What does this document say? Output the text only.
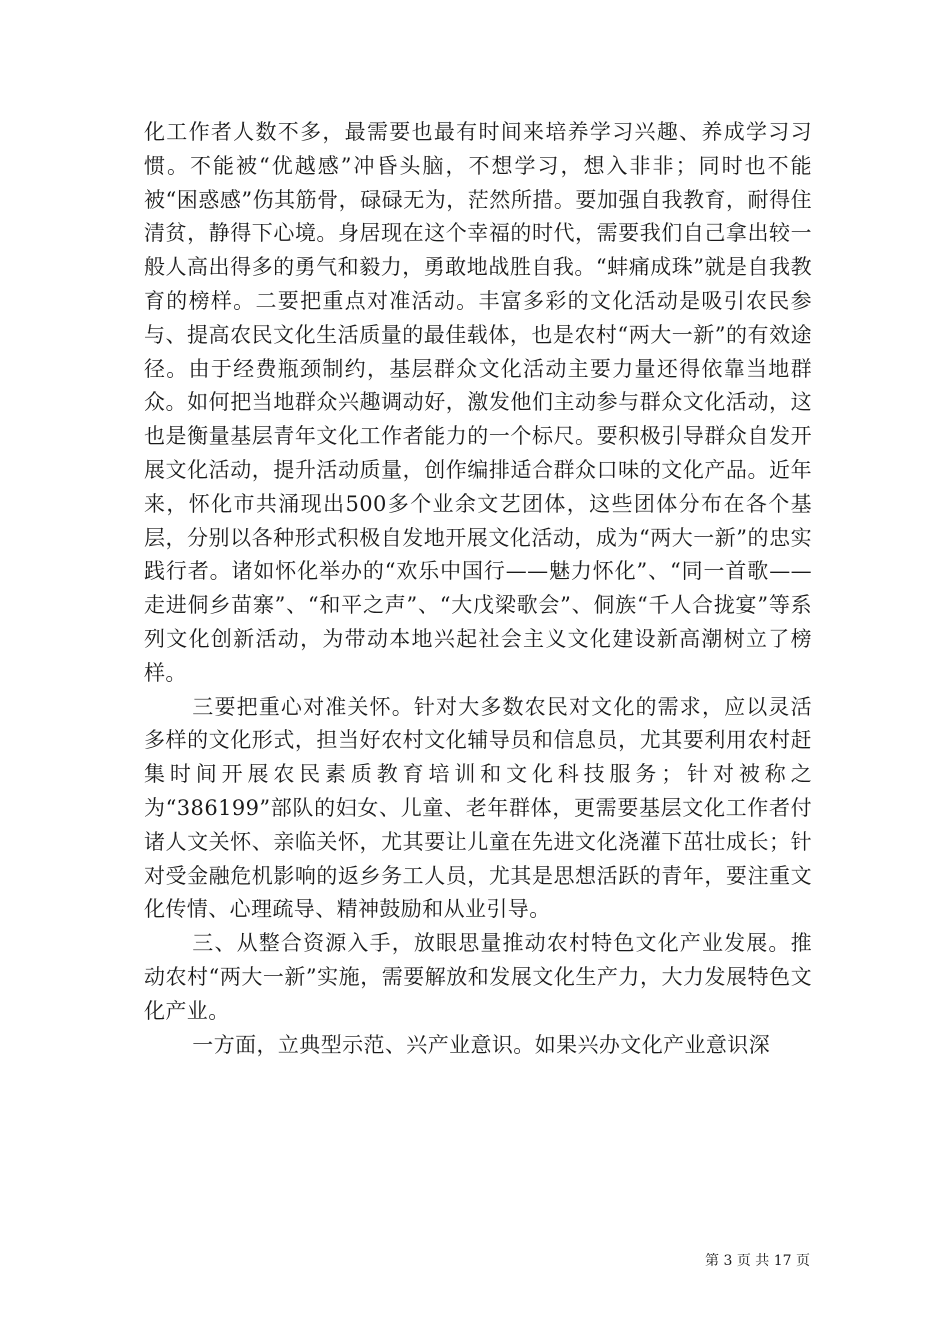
化工作者人数不多，最需要也最有时间来培养学习兴趣、养成学习习惯。不能被“优越感”冲昏头脑，不想学习，想入非非；同时也不能被“困惑感”伤其筋骨，碌碌无为，茫然所措。要加强自我教育，耐得住清贫，静得下心境。身居现在这个幸福的时代，需要我们自己拿出较一般人高出得多的勇气和毅力，勇敢地战胜自我。“蚌痛成珠”就是自我教育的榜样。二要把重点对准活动。丰富多彩的文化活动是吸引农民参与、提高农民文化生活质量的最佳载体，也是农村“两大一新”的有效途径。由于经费瓶颈制约，基层群众文化活动主要力量还得依靠当地群众。如何把当地群众兴趣调动好，激发他们主动参与群众文化活动，这也是衡量基层青年文化工作者能力的一个标尺。要积极引导群众自发开展文化活动，提升活动质量，创作编排适合群众口味的文化产品。近年来，怀化市共涌现出500多个业余文艺团体，这些团体分布在各个基层，分别以各种形式积极自发地开展文化活动，成为“两大一新”的忠实践行者。诸如怀化举办的“欢乐中国行——魅力怀化”、“同一首歌——走进侗乡苗寨”、“和平之声”、“大戊梁歌会”、侗族“千人合拢宴”等系列文化创新活动，为带动本地兴起社会主义文化建设新高潮树立了榜样。

三要把重心对准关怀。针对大多数农民对文化的需求，应以灵活多样的文化形式，担当好农村文化辅导员和信息员，尤其要利用农村赶集时间开展农民素质教育培训和文化科技服务；针对被称之为“386199”部队的妇女、儿童、老年群体，更需要基层文化工作者付诸人文关怀、亲临关怀，尤其要让儿童在先进文化浇灌下茁壮成长；针对受金融危机影响的返乡务工人员，尤其是思想活跃的青年，要注重文化传情、心理疏导、精神鼓励和从业引导。

三、从整合资源入手，放眼思量推动农村特色文化产业发展。推动农村“两大一新”实施，需要解放和发展文化生产力，大力发展特色文化产业。

一方面，立典型示范、兴产业意识。如果兴办文化产业意识深

第 3 页 共 17 页
